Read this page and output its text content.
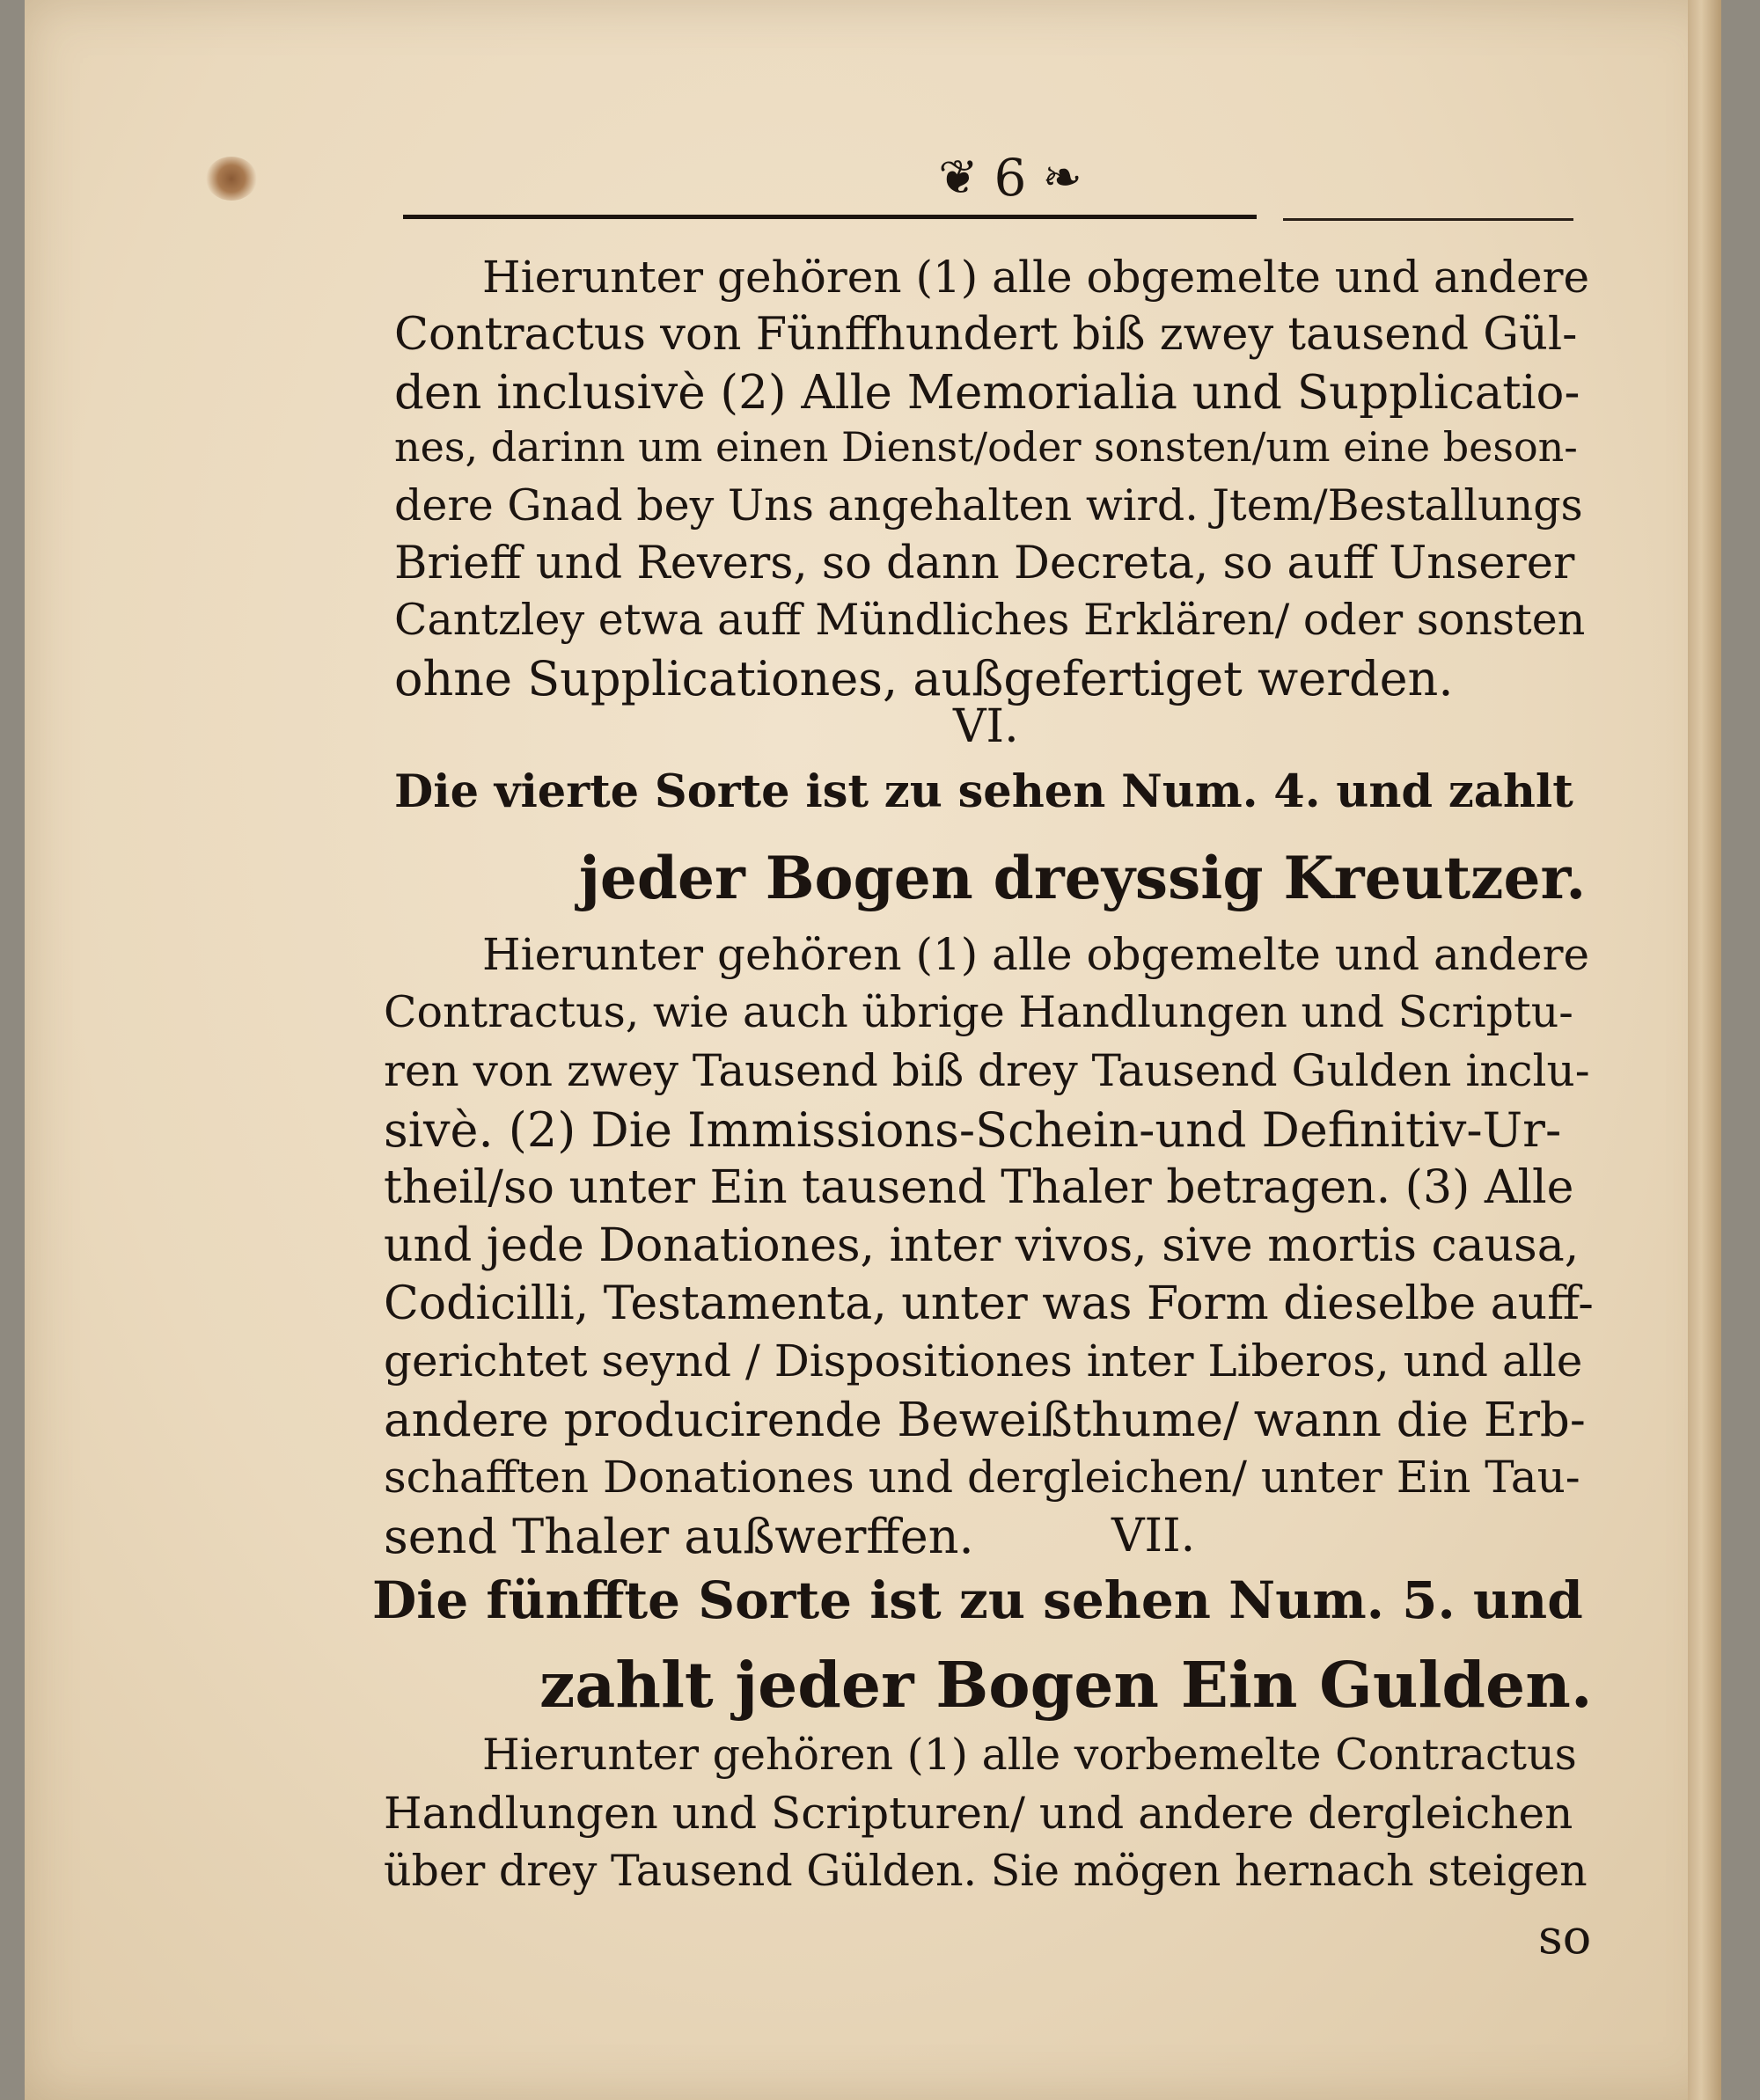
❦ 6 ❧
Hierunter gehören (1) alle obgemelte und andere
Contractus von Fünffhundert biß zwey tausend Gül-
den inclusivè (2) Alle Memorialia und Supplicatio-
nes, darinn um einen Dienst/oder sonsten/um eine beson-
dere Gnad bey Uns angehalten wird. Jtem/Bestallungs
Brieff und Revers, so dann Decreta, so auff Unserer
Cantzley etwa auff Mündliches Erklären/ oder sonsten
ohne Supplicationes, außgefertiget werden.
VI.
Die vierte Sorte ist zu sehen Num. 4. und zahlt
jeder Bogen dreyssig Kreutzer.
Hierunter gehören (1) alle obgemelte und andere
Contractus, wie auch übrige Handlungen und Scriptu-
ren von zwey Tausend biß drey Tausend Gulden inclu-
sivè. (2) Die Immissions-Schein-und Definitiv-Ur-
theil/so unter Ein tausend Thaler betragen. (3) Alle
und jede Donationes, inter vivos, sive mortis causa,
Codicilli, Testamenta, unter was Form dieselbe auff-
gerichtet seynd / Dispositiones inter Liberos, und alle
andere producirende Beweißthume/ wann die Erb-
schafften Donationes und dergleichen/ unter Ein Tau-
send Thaler außwerffen.	VII.
Die fünffte Sorte ist zu sehen Num. 5. und
zahlt jeder Bogen Ein Gulden.
Hierunter gehören (1) alle vorbemelte Contractus
Handlungen und Scripturen/ und andere dergleichen
über drey Tausend Gülden. Sie mögen hernach steigen
so
